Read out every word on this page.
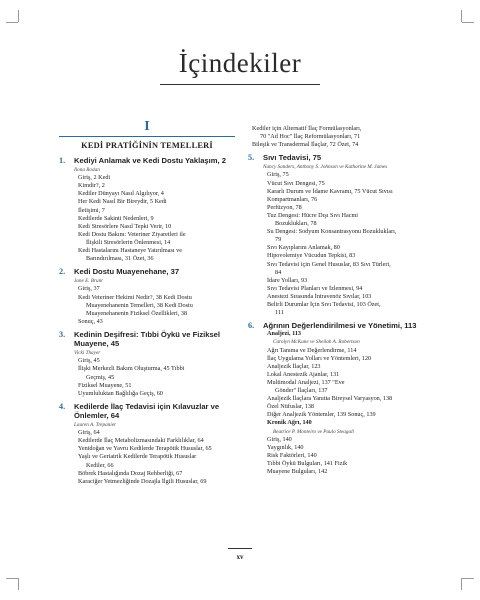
İçindekiler
I
KEDİ PRATİĞİNİN TEMELLERİ
1. Kediyi Anlamak ve Kedi Dostu Yaklaşım, 2
Ilona Rodan
Giriş, 2 Kedi
Kimdir?, 2
Kediler Dünyayı Nasıl Algılıyor, 4
Her Kedi Nasıl Bir Bireydir, 5 Kedi
İletişimi, 7
Kedilerde Sakinti Nedenleri, 9
Kedi Stresörlere Nasıl Tepki Verir, 10
Kedi Dostu Bakım: Veteriner Ziyaretleri ile
İlişkili Stresörlerin Önlenmesi, 14
Kedi Hastalarını Hastaneye Yatırılması ve
Barındırılması, 31 Özet, 36
2. Kedi Dostu Muayenehane, 37
Jane E. Brunt
Giriş, 37
Kedi Veteriner Hekimi Nedir?, 38 Kedi Dostu
Muayenehanenin Temelleri, 38 Kedi Dostu
Muayenehanenin Fiziksel Özellikleri, 38
Sonuç, 43
3. Kedinin Deşifresi: Tıbbi Öykü ve Fiziksel Muayene, 45
Vicki Thayer
Giriş, 45
İlişki Merkezli Bakım Oluşturma, 45 Tıbbi
Geçmiş, 45
Fiziksel Muayene, 51
Uyumluluktan Bağlılığa Geçiş, 60
4. Kedilerde İlaç Tedavisi için Kılavuzlar ve Önlemler, 64
Lauren A. Trepanier
Giriş, 64
Kedilerde İlaç Metabolizmasındaki Farklılıklar, 64
Yenidoğan ve Yavru Kedilerde Terapötik Hususlar, 65
Yaşlı ve Geriatrik Kedilerde Terapötik Hususlar
Kediler, 66
Böbrek Hastalığında Dozaj Rehberliği, 67
Karaciğer Yetmezliğinde Dozajla İlgili Hususlar, 69
Kediler için Alternatif İlaç Formülasyonları,
70 "Ad Hoc" İlaç Reformülasyonları, 71
Bileşik ve Transdermal İlaçlar, 72 Özet, 74
5. Sıvı Tedavisi, 75
Nancy Sanders, Anthony S. Johnson ve Katharine M. James
Giriş, 75
Vücut Sıvı Dengesi, 75
Kararlı Durum ve İdame Kavramı, 75 Vücut Sıvısı
Kompartmanları, 76
Perfüzyon, 78
Tuz Dengesi: Hücre Dışı Sıvı Hacmi
Bozuklukları, 78
Su Dengesi: Sodyum Konsantrasyonu Bozuklukları,
79
Sıvı Kayıplarını Anlamak, 80
Hipovolemiye Vücudun Tepkisi, 83
Sıvı Tedavisi için Genel Hususlar, 83 Sıvı Türleri,
84
İdare Yolları, 93
Sıvı Tedavisi Planları ve İzlenmesi, 94
Anestezi Sırasında İntravenöz Sıvılar, 103
Belirli Durumlar İçin Sıvı Tedavisi, 103 Özet,
111
6. Ağrının Değerlendirilmesi ve Yönetimi, 113
Analjezi, 113
Carolyn McKune ve Sheilah A. Robertson
Ağrı Tanıma ve Değerlendirme, 114
İlaç Uygulama Yolları ve Yöntemleri, 120
Analjezik İlaçlar, 123
Lokal Anestezik Ajanlar, 131
Multimodal Analjezi, 137 "Eve
Gönder" İlaçları, 137
Analjezik İlaçlara Yanıtta Bireysel Varyasyon, 138
Özel Nüfuslar, 138
Diğer Analjezik Yöntemler, 139 Sonuç, 139
Kronik Ağrı, 140
Beatrice P. Monteiro ve Paulo Steagall
Giriş, 140
Yaygınlık, 140
Risk Faktörleri, 140
Tıbbi Öykü Bulguları, 141 Fizik
Muayene Bulguları, 142
xv
